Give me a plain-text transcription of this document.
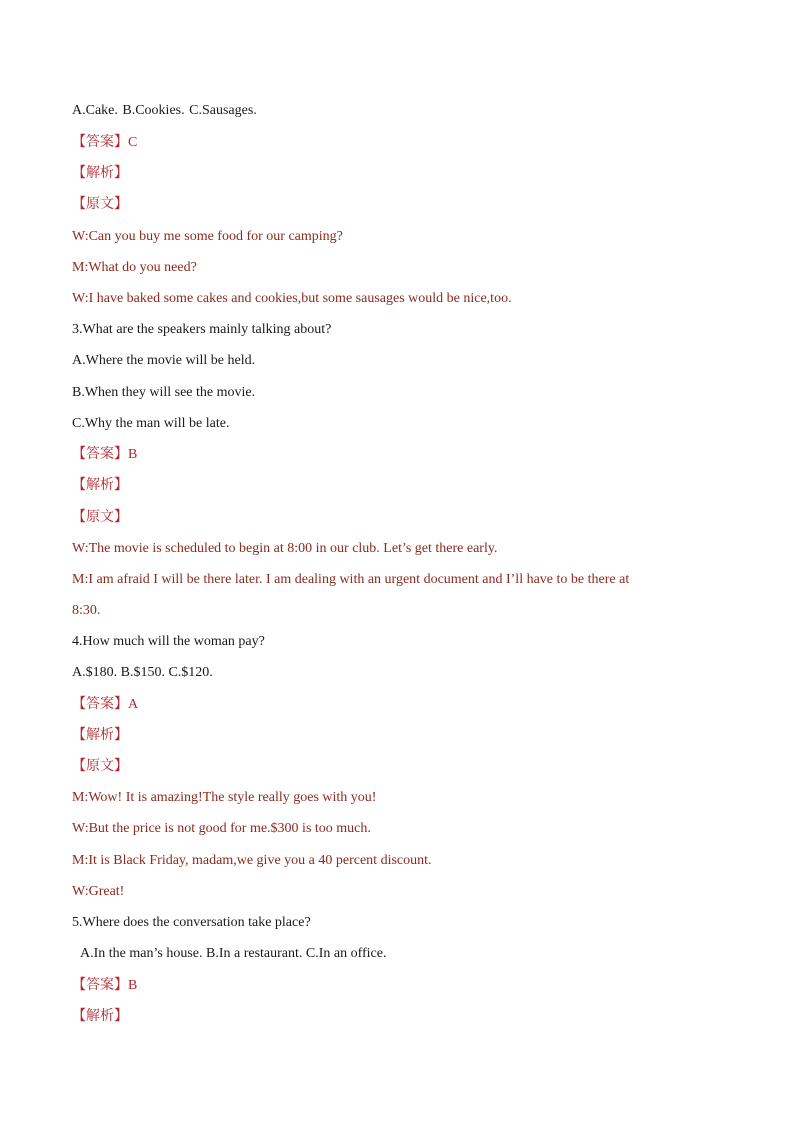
A.Cake. B.Cookies. C.Sausages.
【答案】C
【解析】
【原文】
W:Can you buy me some food for our camping?
M:What do you need?
W:I have baked some cakes and cookies,but some sausages would be nice,too.
3.What are the speakers mainly talking about?
A.Where the movie will be held.
B.When they will see the movie.
C.Why the man will be late.
【答案】B
【解析】
【原文】
W:The movie is scheduled to begin at 8:00 in our club. Let’s get there early.
M:I am afraid I will be there later. I am dealing with an urgent document and I’ll have to be there at
8:30.
4.How much will the woman pay?
A.$180. B.$150. C.$120.
【答案】A
【解析】
【原文】
M:Wow! It is amazing!The style really goes with you!
W:But the price is not good for me.$300 is too much.
M:It is Black Friday, madam,we give you a 40 percent discount.
W:Great!
5.Where does the conversation take place?
A.In the man’s house. B.In a restaurant. C.In an office.
【答案】B
【解析】
